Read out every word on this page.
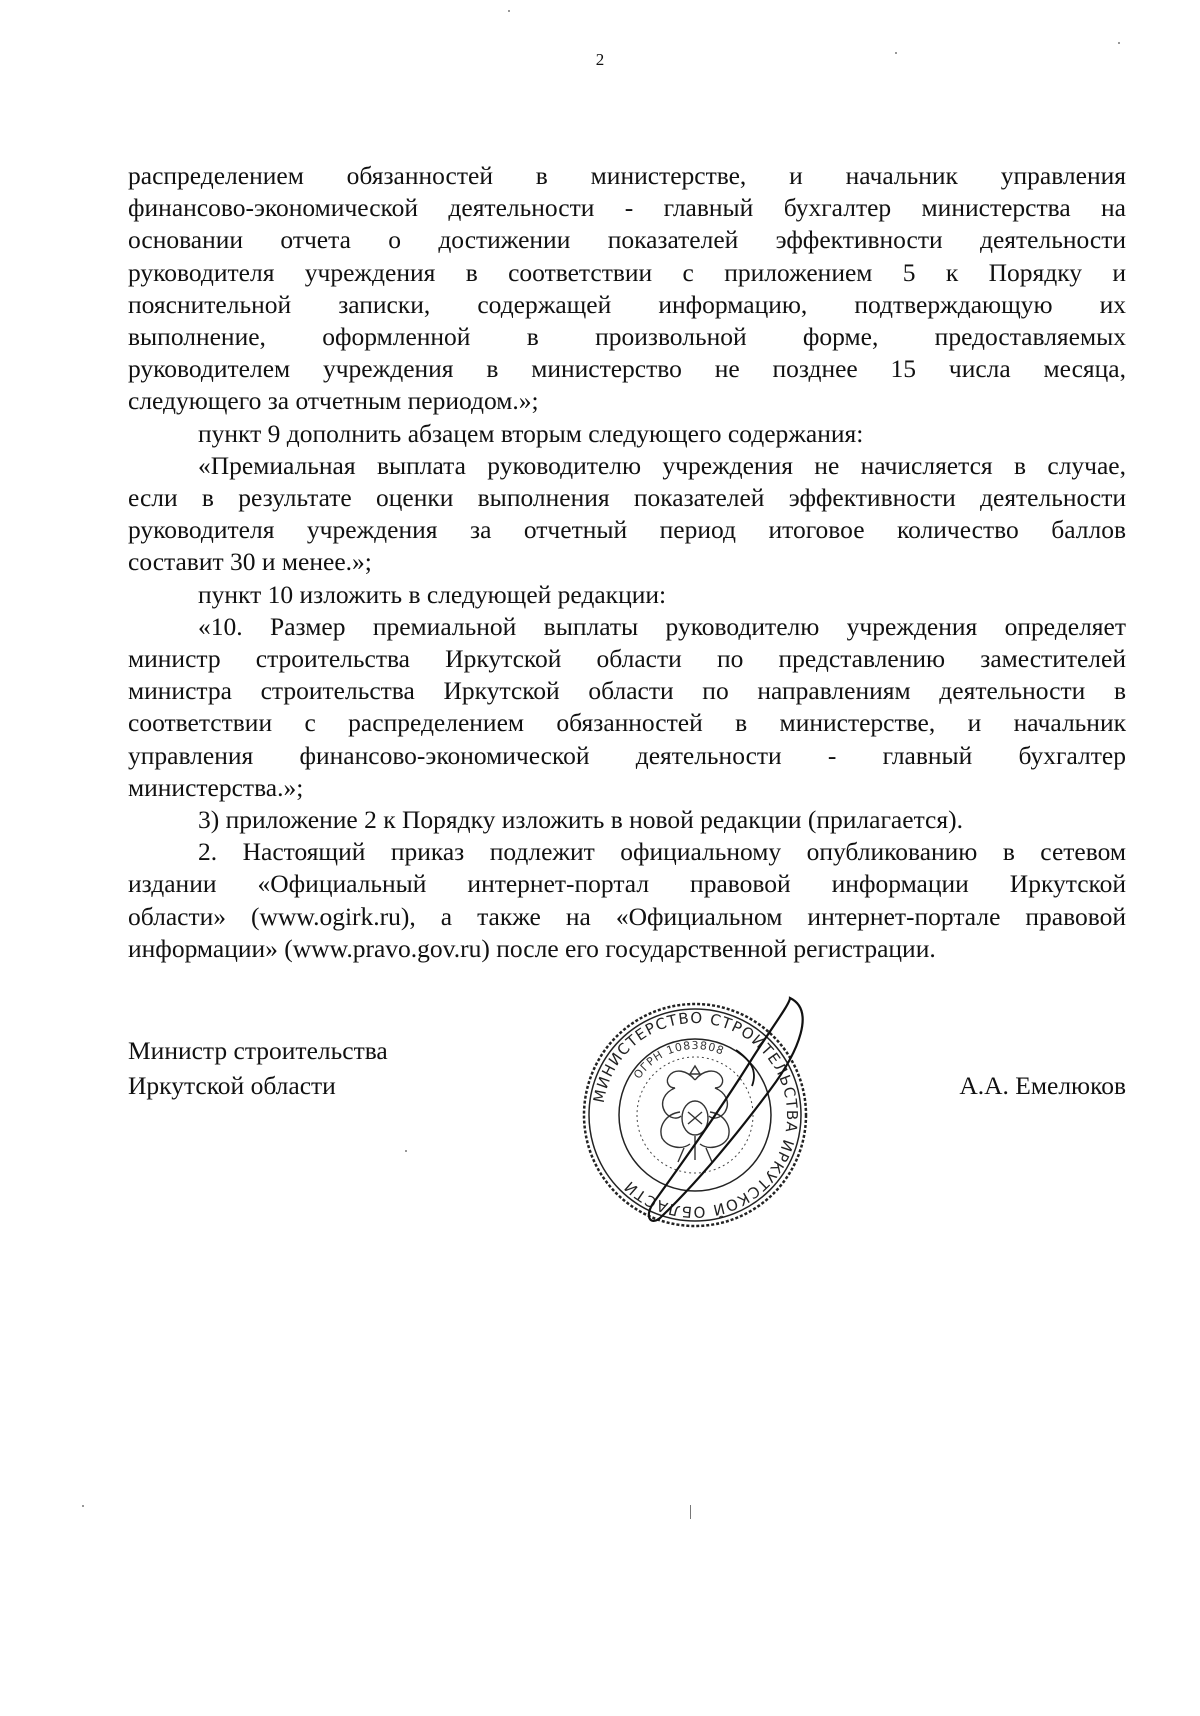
2
распределением обязанностей в министерстве, и начальник управления
финансово-экономической деятельности - главный бухгалтер министерства на
основании отчета о достижении показателей эффективности деятельности
руководителя учреждения в соответствии с приложением 5 к Порядку и
пояснительной записки, содержащей информацию, подтверждающую их
выполнение, оформленной в произвольной форме, предоставляемых
руководителем учреждения в министерство не позднее 15 числа месяца,
следующего за отчетным периодом.»;
пункт 9 дополнить абзацем вторым следующего содержания:
«Премиальная выплата руководителю учреждения не начисляется в случае,
если в результате оценки выполнения показателей эффективности деятельности
руководителя учреждения за отчетный период итоговое количество баллов
составит 30 и менее.»;
пункт 10 изложить в следующей редакции:
«10. Размер премиальной выплаты руководителю учреждения определяет
министр строительства Иркутской области по представлению заместителей
министра строительства Иркутской области по направлениям деятельности в
соответствии с распределением обязанностей в министерстве, и начальник
управления финансово-экономической деятельности - главный бухгалтер
министерства.»;
3) приложение 2 к Порядку изложить в новой редакции (прилагается).
2. Настоящий приказ подлежит официальному опубликованию в сетевом
издании «Официальный интернет-портал правовой информации Иркутской
области» (www.ogirk.ru), а также на «Официальном интернет-портале правовой
информации» (www.pravo.gov.ru) после его государственной регистрации.
Министр строительства
Иркутской области	А.А. Емелюков
МИНИСТЕРСТВО СТРОИТЕЛЬСТВА ИРКУТСКОЙ ОБЛАСТИ
ОГРН 1083808
